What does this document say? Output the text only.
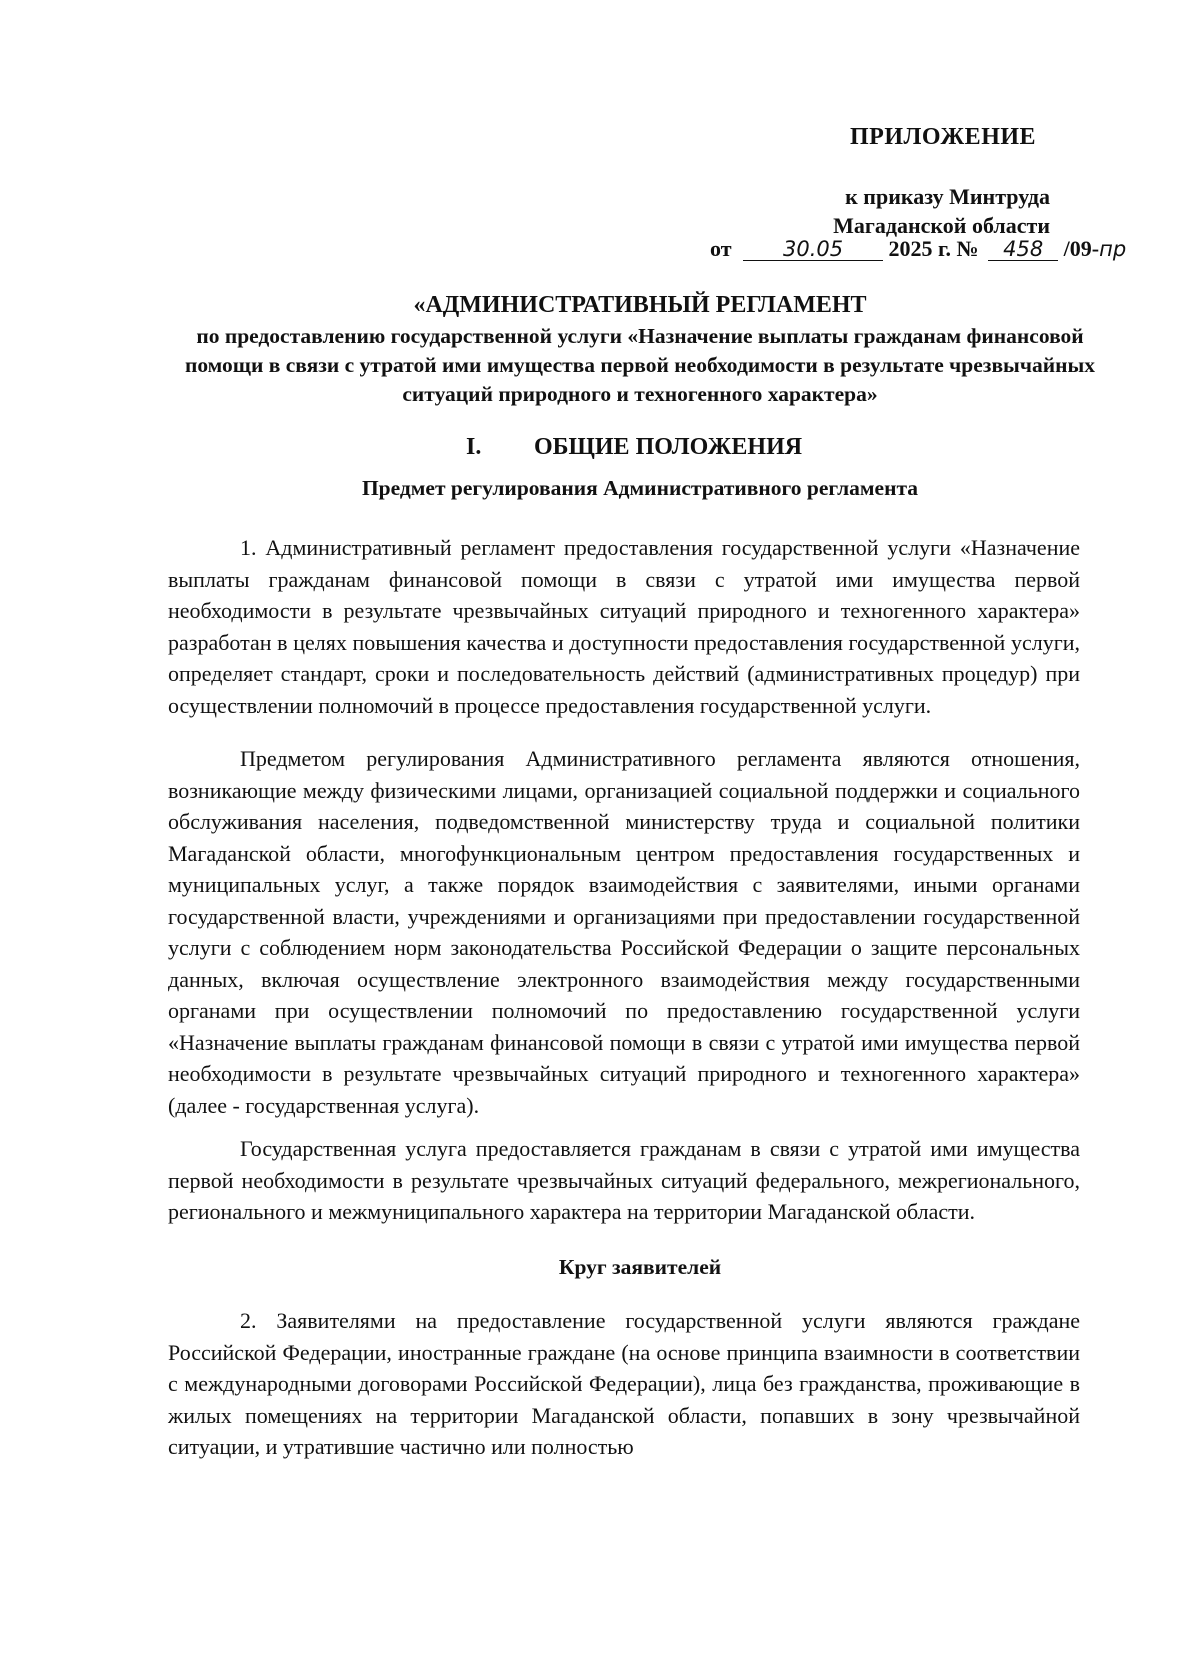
ПРИЛОЖЕНИЕ
к приказу Минтруда
Магаданской области
от 30.05 2025 г. № 458 /09-пр
«АДМИНИСТРАТИВНЫЙ РЕГЛАМЕНТ
по предоставлению государственной услуги «Назначение выплаты гражданам финансовой помощи в связи с утратой ими имущества первой необходимости в результате чрезвычайных ситуаций природного и техногенного характера»
I. ОБЩИЕ ПОЛОЖЕНИЯ
Предмет регулирования Административного регламента
1. Административный регламент предоставления государственной услуги «Назначение выплаты гражданам финансовой помощи в связи с утратой ими имущества первой необходимости в результате чрезвычайных ситуаций природного и техногенного характера» разработан в целях повышения качества и доступности предоставления государственной услуги, определяет стандарт, сроки и последовательность действий (административных процедур) при осуществлении полномочий в процессе предоставления государственной услуги.
Предметом регулирования Административного регламента являются отношения, возникающие между физическими лицами, организацией социальной поддержки и социального обслуживания населения, подведомственной министерству труда и социальной политики Магаданской области, многофункциональным центром предоставления государственных и муниципальных услуг, а также порядок взаимодействия с заявителями, иными органами государственной власти, учреждениями и организациями при предоставлении государственной услуги с соблюдением норм законодательства Российской Федерации о защите персональных данных, включая осуществление электронного взаимодействия между государственными органами при осуществлении полномочий по предоставлению государственной услуги «Назначение выплаты гражданам финансовой помощи в связи с утратой ими имущества первой необходимости в результате чрезвычайных ситуаций природного и техногенного характера» (далее - государственная услуга).
Государственная услуга предоставляется гражданам в связи с утратой ими имущества первой необходимости в результате чрезвычайных ситуаций федерального, межрегионального, регионального и межмуниципального характера на территории Магаданской области.
Круг заявителей
2. Заявителями на предоставление государственной услуги являются граждане Российской Федерации, иностранные граждане (на основе принципа взаимности в соответствии с международными договорами Российской Федерации), лица без гражданства, проживающие в жилых помещениях на территории Магаданской области, попавших в зону чрезвычайной ситуации, и утратившие частично или полностью
